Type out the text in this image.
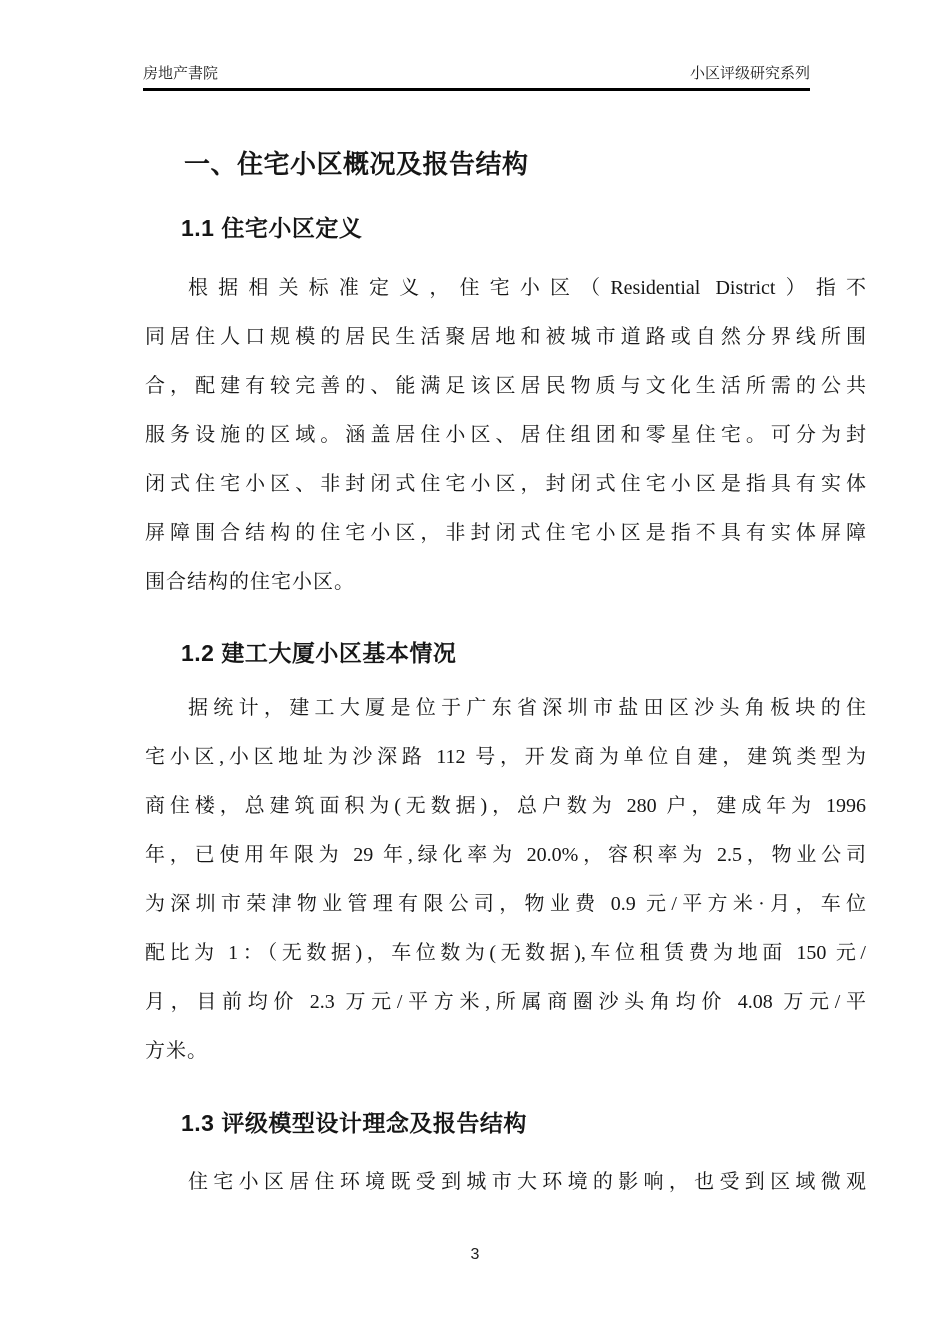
房地产書院	小区评级研究系列
一、住宅小区概况及报告结构
1.1 住宅小区定义
根据相关标准定义，住宅小区（Residential District）指不
同居住人口规模的居民生活聚居地和被城市道路或自然分界线所围
合，配建有较完善的、能满足该区居民物质与文化生活所需的公共
服务设施的区域。涵盖居住小区、居住组团和零星住宅。可分为封
闭式住宅小区、非封闭式住宅小区，封闭式住宅小区是指具有实体
屏障围合结构的住宅小区，非封闭式住宅小区是指不具有实体屏障
围合结构的住宅小区。
1.2 建工大厦小区基本情况
据统计，建工大厦是位于广东省深圳市盐田区沙头角板块的住
宅小区,小区地址为沙深路 112 号，开发商为单位自建，建筑类型为
商住楼，总建筑面积为(无数据)，总户数为 280 户，建成年为 1996
年，已使用年限为 29 年,绿化率为 20.0%，容积率为 2.5，物业公司
为深圳市荣津物业管理有限公司，物业费 0.9 元/平方米·月，车位
配比为 1：（无数据)，车位数为(无数据),车位租赁费为地面 150 元/
月，目前均价 2.3 万元/平方米,所属商圈沙头角均价 4.08 万元/平
方米。
1.3 评级模型设计理念及报告结构
住宅小区居住环境既受到城市大环境的影响，也受到区域微观
3
